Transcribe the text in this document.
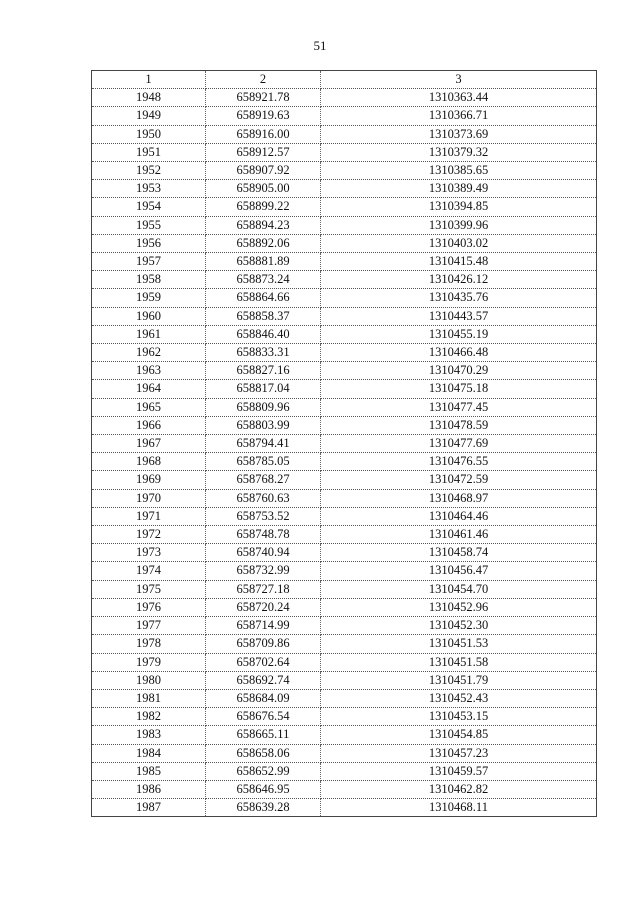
51
1	2	3
1948	658921.78	1310363.44
1949	658919.63	1310366.71
1950	658916.00	1310373.69
1951	658912.57	1310379.32
1952	658907.92	1310385.65
1953	658905.00	1310389.49
1954	658899.22	1310394.85
1955	658894.23	1310399.96
1956	658892.06	1310403.02
1957	658881.89	1310415.48
1958	658873.24	1310426.12
1959	658864.66	1310435.76
1960	658858.37	1310443.57
1961	658846.40	1310455.19
1962	658833.31	1310466.48
1963	658827.16	1310470.29
1964	658817.04	1310475.18
1965	658809.96	1310477.45
1966	658803.99	1310478.59
1967	658794.41	1310477.69
1968	658785.05	1310476.55
1969	658768.27	1310472.59
1970	658760.63	1310468.97
1971	658753.52	1310464.46
1972	658748.78	1310461.46
1973	658740.94	1310458.74
1974	658732.99	1310456.47
1975	658727.18	1310454.70
1976	658720.24	1310452.96
1977	658714.99	1310452.30
1978	658709.86	1310451.53
1979	658702.64	1310451.58
1980	658692.74	1310451.79
1981	658684.09	1310452.43
1982	658676.54	1310453.15
1983	658665.11	1310454.85
1984	658658.06	1310457.23
1985	658652.99	1310459.57
1986	658646.95	1310462.82
1987	658639.28	1310468.11
